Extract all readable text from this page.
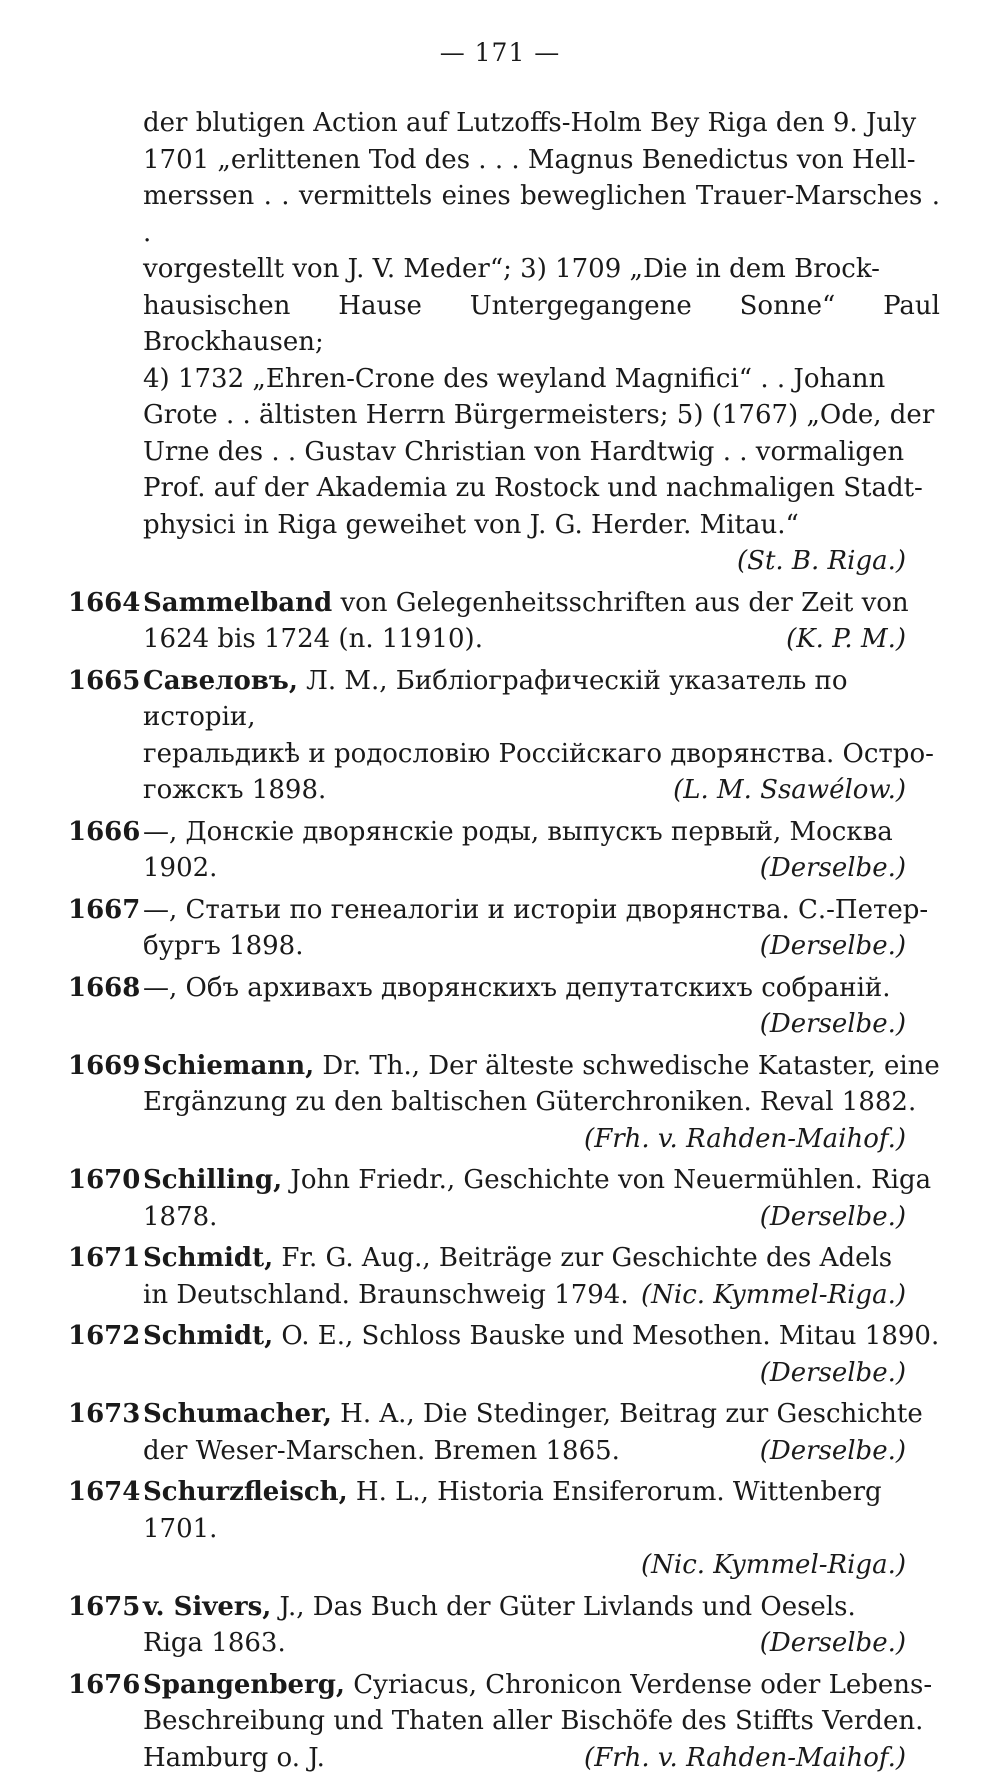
— 171 —
der blutigen Action auf Lutzoffs-Holm Bey Riga den 9. July
1701 „erlittenen Tod des . . . Magnus Benedictus von Hell-
merssen . . vermittels eines beweglichen Trauer-Marsches . .
vorgestellt von J. V. Meder“; 3) 1709 „Die in dem Brock-
hausischen Hause Untergegangene Sonne“ Paul Brockhausen;
4) 1732 „Ehren-Crone des weyland Magnifici“ . . Johann
Grote . . ältisten Herrn Bürgermeisters; 5) (1767) „Ode, der
Urne des . . Gustav Christian von Hardtwig . . vormaligen
Prof. auf der Akademia zu Rostock und nachmaligen Stadt-
physici in Riga geweihet von J. G. Herder. Mitau.“
(St. B. Riga.)
1664 Sammelband von Gelegenheitsschriften aus der Zeit von
1624 bis 1724 (n. 11910).	(K. P. M.)
1665 Савеловъ, Л. М., Библiографическiй указатель по исторiи,
геральдикѣ и родословiю Россiйскаго дворянства. Остро-
гожскъ 1898.	(L. M. Ssawélow.)
1666 —, Донскiе дворянскiе роды, выпускъ первый, Москва
1902.	(Derselbe.)
1667 —, Статьи по генеалогiи и исторiи дворянства. С.-Петер-
бургъ 1898.	(Derselbe.)
1668 —, Объ архивахъ дворянскихъ депутатскихъ собранiй.
(Derselbe.)
1669 Schiemann, Dr. Th., Der älteste schwedische Kataster, eine
Ergänzung zu den baltischen Güterchroniken. Reval 1882.
(Frh. v. Rahden-Maihof.)
1670 Schilling, John Friedr., Geschichte von Neuermühlen. Riga
1878.	(Derselbe.)
1671 Schmidt, Fr. G. Aug., Beiträge zur Geschichte des Adels
in Deutschland. Braunschweig 1794. (Nic. Kymmel-Riga.)
1672 Schmidt, O. E., Schloss Bauske und Mesothen. Mitau 1890.
(Derselbe.)
1673 Schumacher, H. A., Die Stedinger, Beitrag zur Geschichte
der Weser-Marschen. Bremen 1865.	(Derselbe.)
1674 Schurzfleisch, H. L., Historia Ensiferorum. Wittenberg 1701.
(Nic. Kymmel-Riga.)
1675 v. Sivers, J., Das Buch der Güter Livlands und Oesels.
Riga 1863.	(Derselbe.)
1676 Spangenberg, Cyriacus, Chronicon Verdense oder Lebens-
Beschreibung und Thaten aller Bischöfe des Stiffts Verden.
Hamburg o. J.	(Frh. v. Rahden-Maihof.)
